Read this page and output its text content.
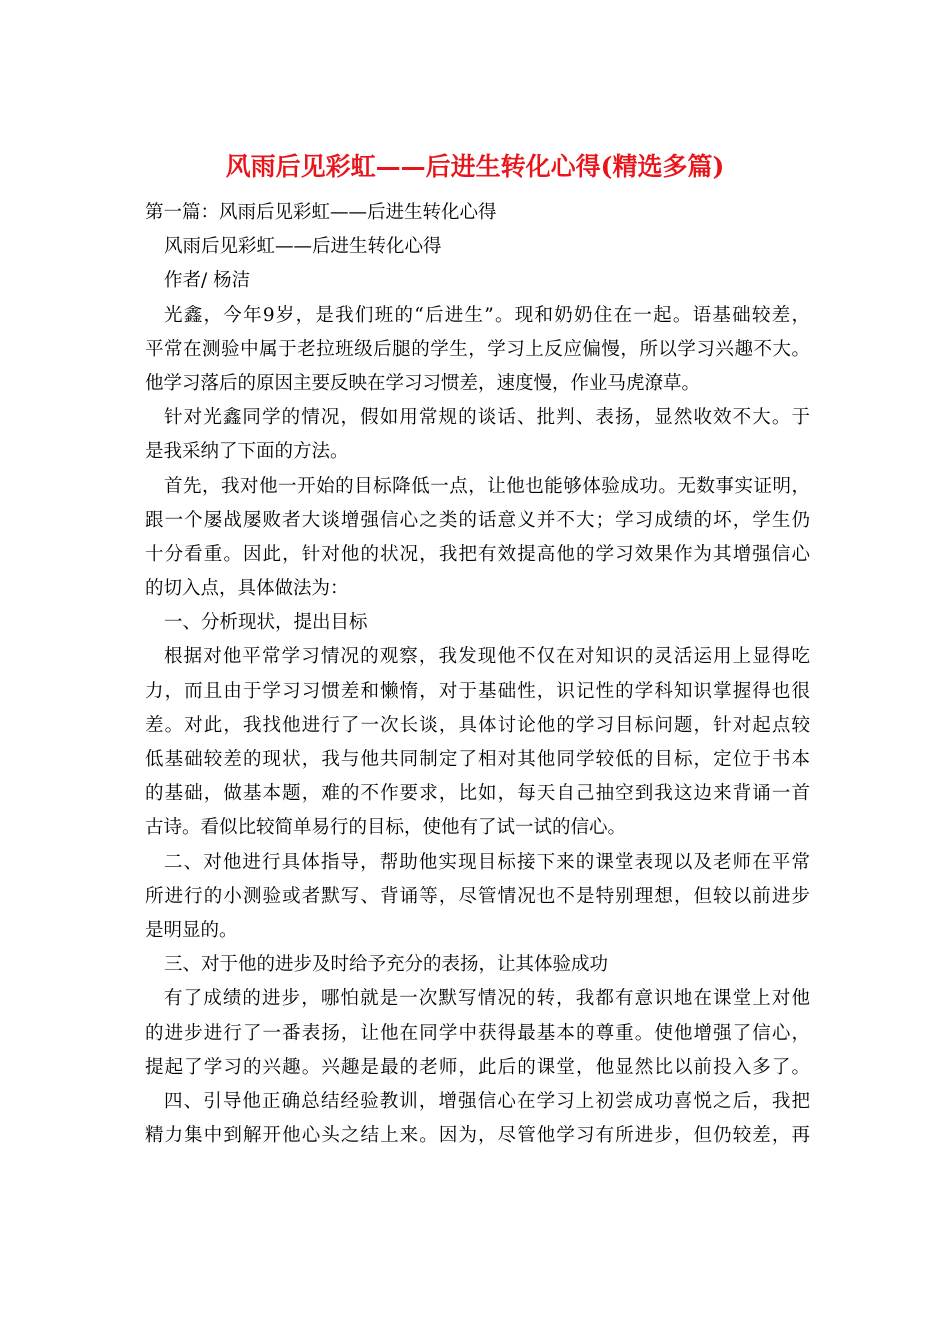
风雨后见彩虹——后进生转化心得(精选多篇)
第一篇：风雨后见彩虹——后进生转化心得
风雨后见彩虹——后进生转化心得
作者/ 杨洁
光鑫，今年9岁，是我们班的“后进生”。现和奶奶住在一起。语基础较差，
平常在测验中属于老拉班级后腿的学生，学习上反应偏慢，所以学习兴趣不大。
他学习落后的原因主要反映在学习习惯差，速度慢，作业马虎潦草。
针对光鑫同学的情况，假如用常规的谈话、批判、表扬，显然收效不大。于
是我采纳了下面的方法。
首先，我对他一开始的目标降低一点，让他也能够体验成功。无数事实证明，
跟一个屡战屡败者大谈增强信心之类的话意义并不大；学习成绩的坏，学生仍
十分看重。因此，针对他的状况，我把有效提高他的学习效果作为其增强信心
的切入点，具体做法为：
一、分析现状，提出目标
根据对他平常学习情况的观察，我发现他不仅在对知识的灵活运用上显得吃
力，而且由于学习习惯差和懒惰，对于基础性，识记性的学科知识掌握得也很
差。对此，我找他进行了一次长谈，具体讨论他的学习目标问题，针对起点较
低基础较差的现状，我与他共同制定了相对其他同学较低的目标，定位于书本
的基础，做基本题，难的不作要求，比如，每天自己抽空到我这边来背诵一首
古诗。看似比较简单易行的目标，使他有了试一试的信心。
二、对他进行具体指导，帮助他实现目标接下来的课堂表现以及老师在平常
所进行的小测验或者默写、背诵等，尽管情况也不是特别理想，但较以前进步
是明显的。
三、对于他的进步及时给予充分的表扬，让其体验成功
有了成绩的进步，哪怕就是一次默写情况的转，我都有意识地在课堂上对他
的进步进行了一番表扬，让他在同学中获得最基本的尊重。使他增强了信心，
提起了学习的兴趣。兴趣是最的老师，此后的课堂，他显然比以前投入多了。
四、引导他正确总结经验教训，增强信心在学习上初尝成功喜悦之后，我把
精力集中到解开他心头之结上来。因为，尽管他学习有所进步，但仍较差，再
